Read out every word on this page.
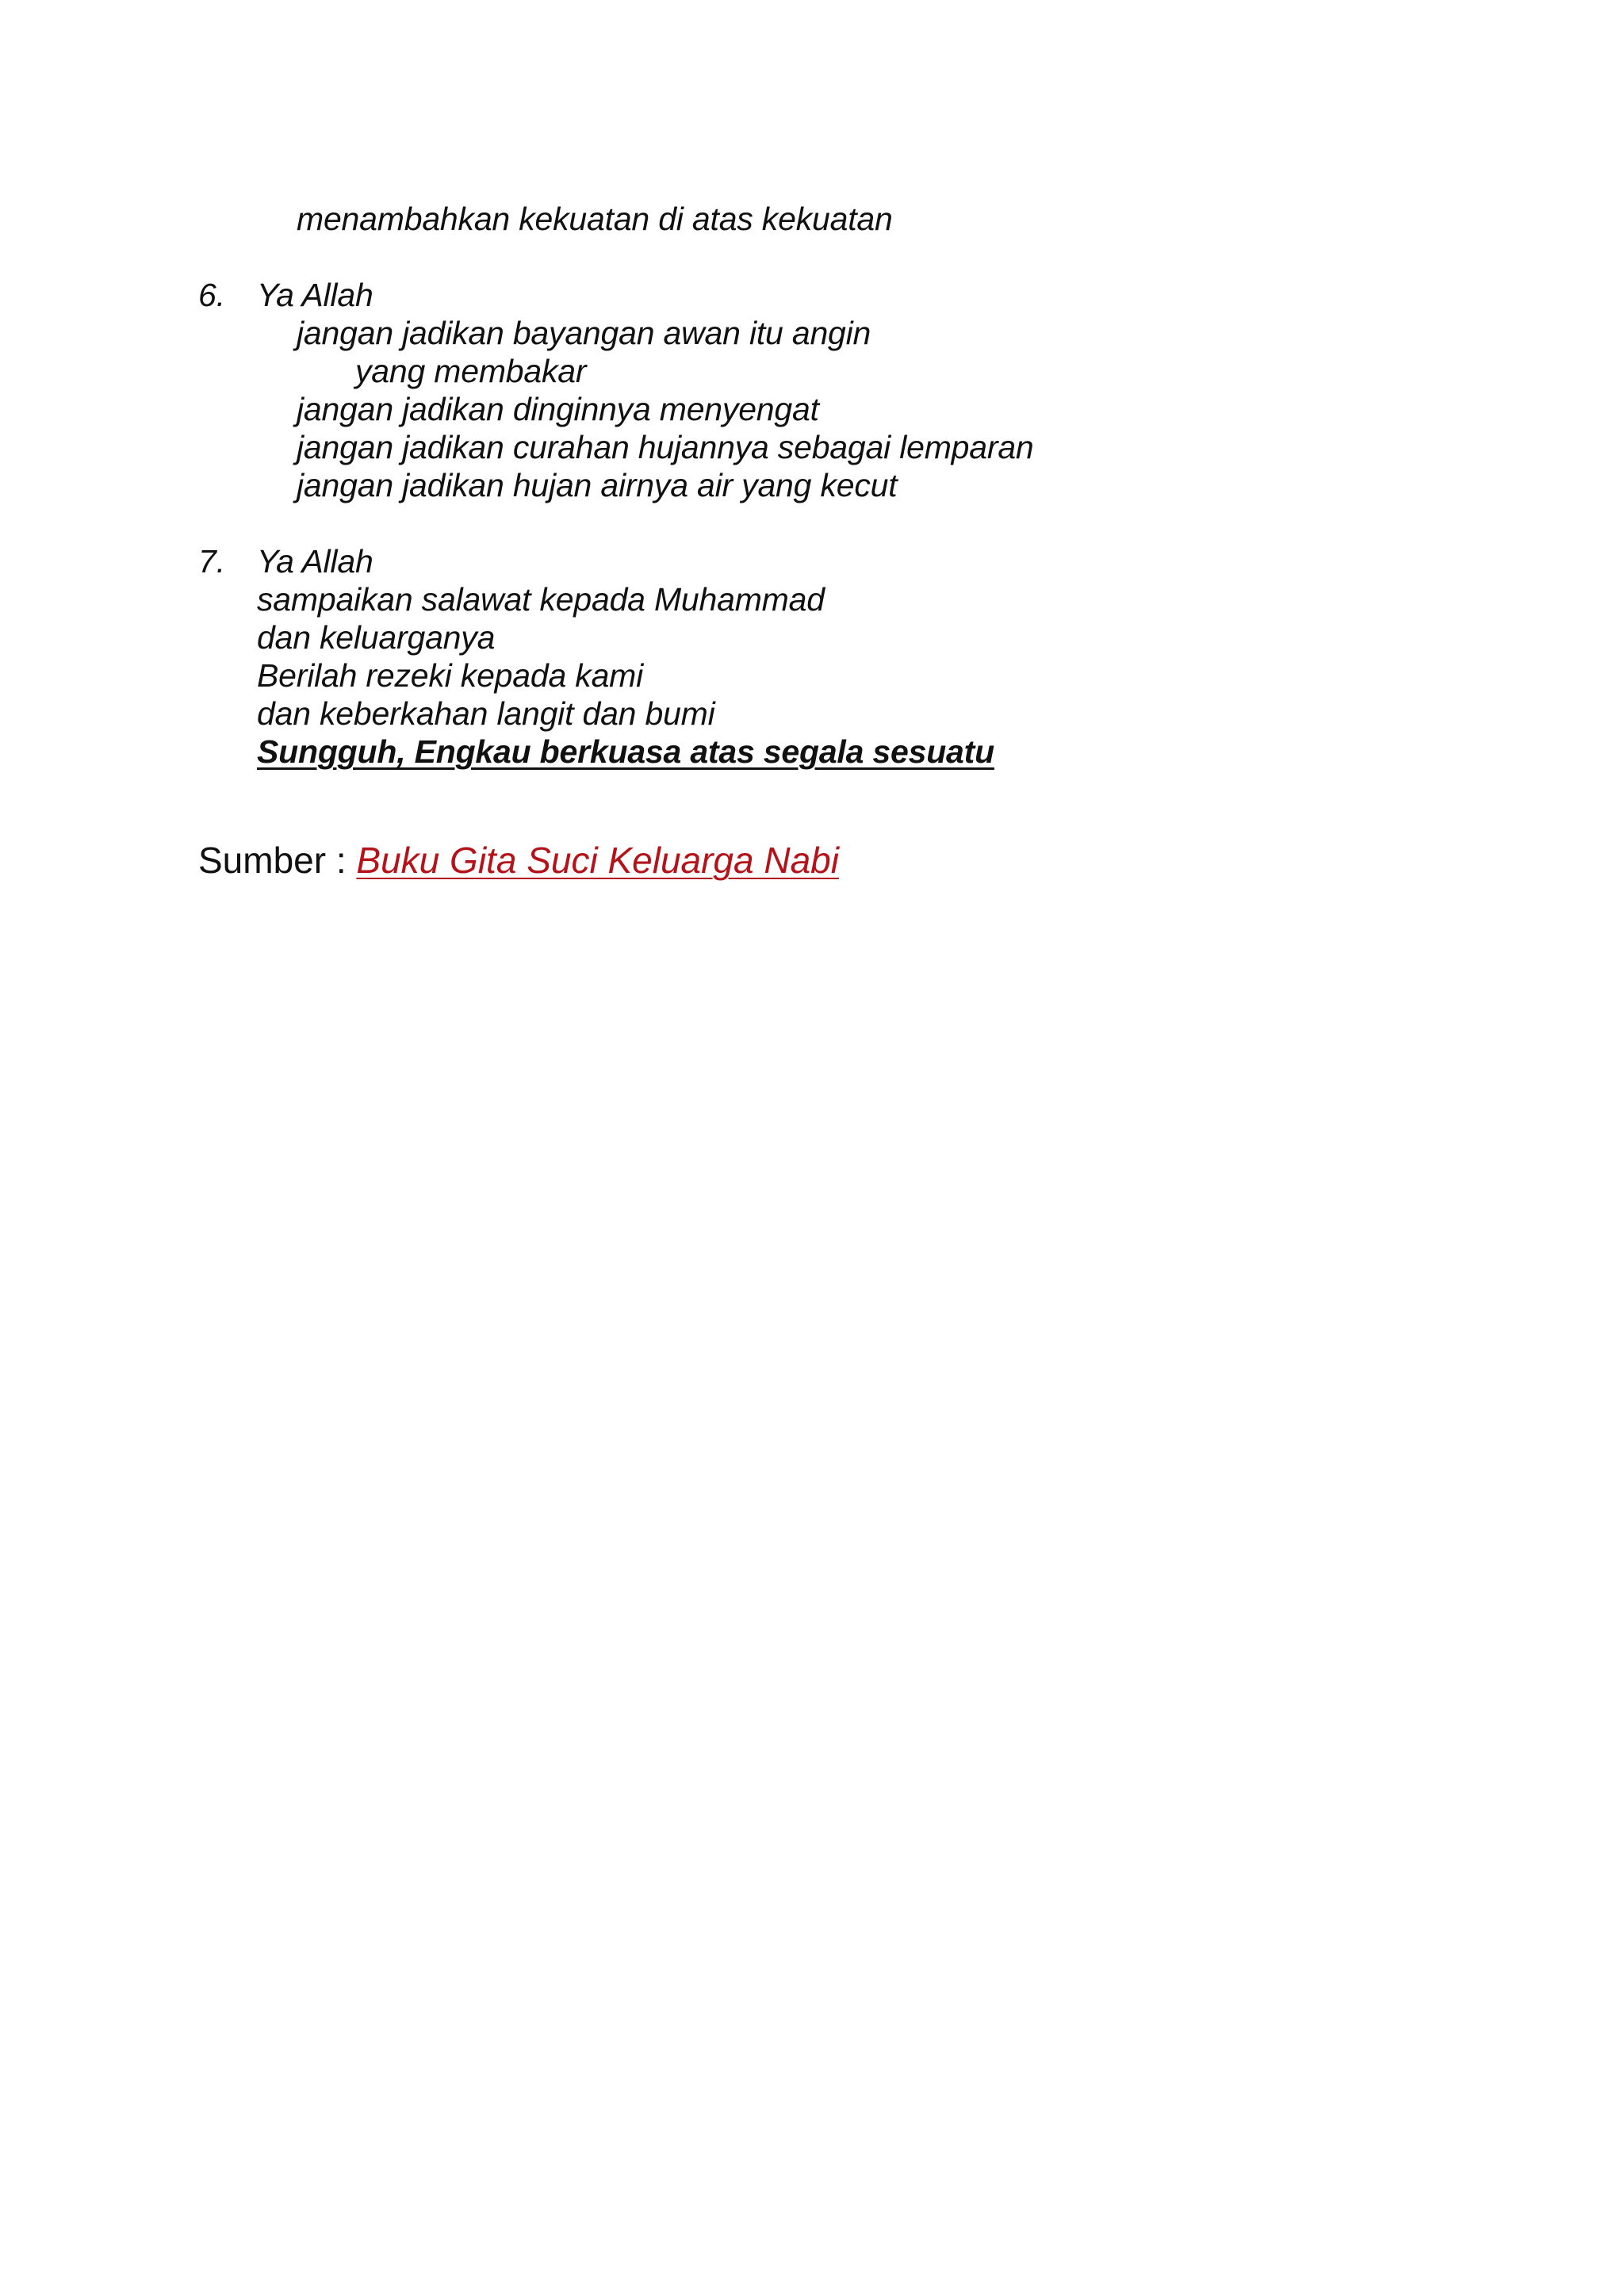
menambahkan kekuatan di atas kekuatan
6. Ya Allah
jangan jadikan bayangan awan itu angin
yang membakar
jangan jadikan dinginnya menyengat
jangan jadikan curahan hujannya sebagai lemparan
jangan jadikan hujan airnya air yang kecut
7. Ya Allah
sampaikan salawat kepada Muhammad
dan keluarganya
Berilah rezeki kepada kami
dan keberkahan langit dan bumi
Sungguh, Engkau berkuasa atas segala sesuatu
Sumber : Buku Gita Suci Keluarga Nabi
